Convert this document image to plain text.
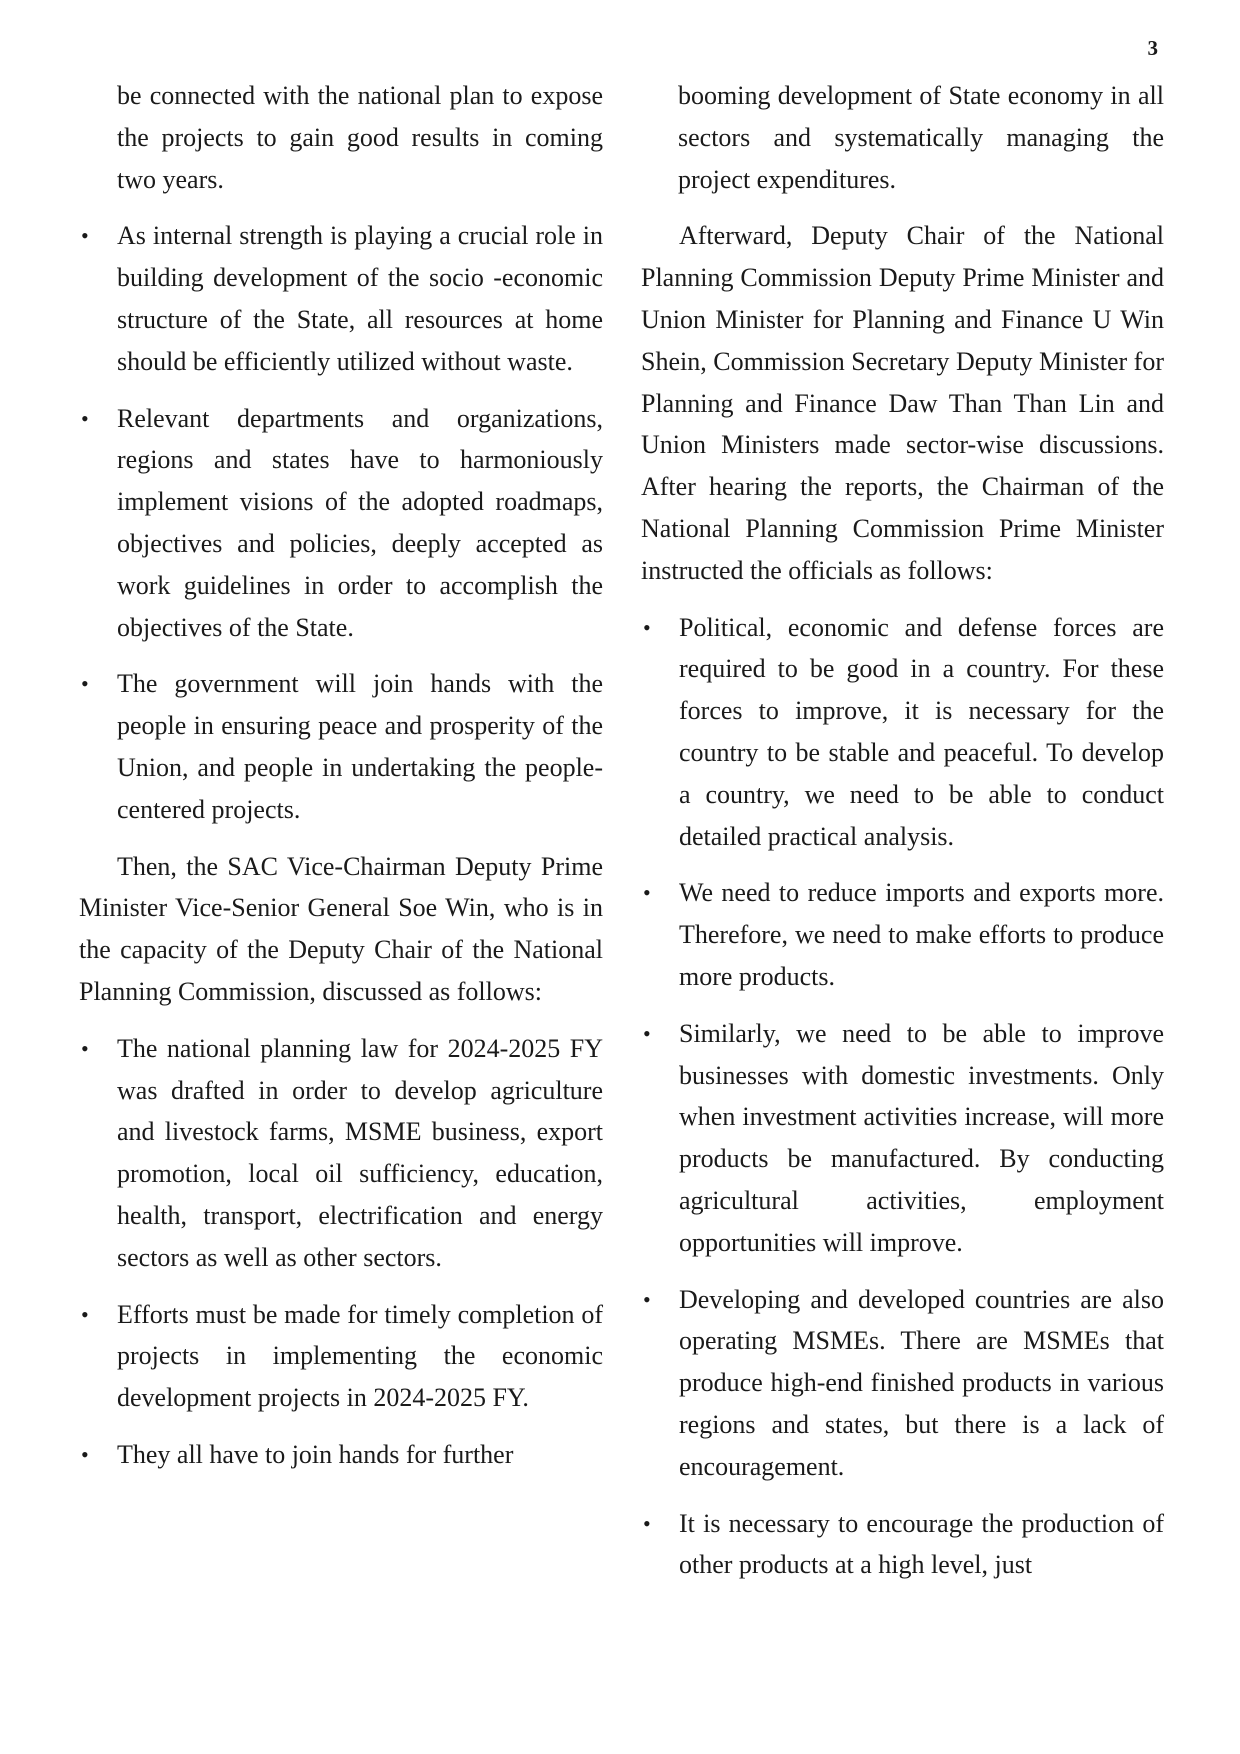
3

be connected with the national plan to expose the projects to gain good results in coming two years.

• As internal strength is playing a crucial role in building development of the socio -economic structure of the State, all resources at home should be efficiently utilized without waste.
• Relevant departments and organizations, regions and states have to harmoniously implement visions of the adopted roadmaps, objectives and policies, deeply accepted as work guidelines in order to accomplish the objectives of the State.
• The government will join hands with the people in ensuring peace and prosperity of the Union, and people in undertaking the people-centered projects.

Then, the SAC Vice-Chairman Deputy Prime Minister Vice-Senior General Soe Win, who is in the capacity of the Deputy Chair of the National Planning Commission, discussed as follows:

• The national planning law for 2024-2025 FY was drafted in order to develop agriculture and livestock farms, MSME business, export promotion, local oil sufficiency, education, health, transport, electrification and energy sectors as well as other sectors.
• Efforts must be made for timely completion of projects in implementing the economic development projects in 2024-2025 FY.
• They all have to join hands for further

booming development of State economy in all sectors and systematically managing the project expenditures.

Afterward, Deputy Chair of the National Planning Commission Deputy Prime Minister and Union Minister for Planning and Finance U Win Shein, Commission Secretary Deputy Minister for Planning and Finance Daw Than Than Lin and Union Ministers made sector-wise discussions. After hearing the reports, the Chairman of the National Planning Commission Prime Minister instructed the officials as follows:

• Political, economic and defense forces are required to be good in a country. For these forces to improve, it is necessary for the country to be stable and peaceful. To develop a country, we need to be able to conduct detailed practical analysis.
• We need to reduce imports and exports more. Therefore, we need to make efforts to produce more products.
• Similarly, we need to be able to improve businesses with domestic investments. Only when investment activities increase, will more products be manufactured. By conducting agricultural activities, employment opportunities will improve.
• Developing and developed countries are also operating MSMEs. There are MSMEs that produce high-end finished products in various regions and states, but there is a lack of encouragement.
• It is necessary to encourage the production of other products at a high level, just
